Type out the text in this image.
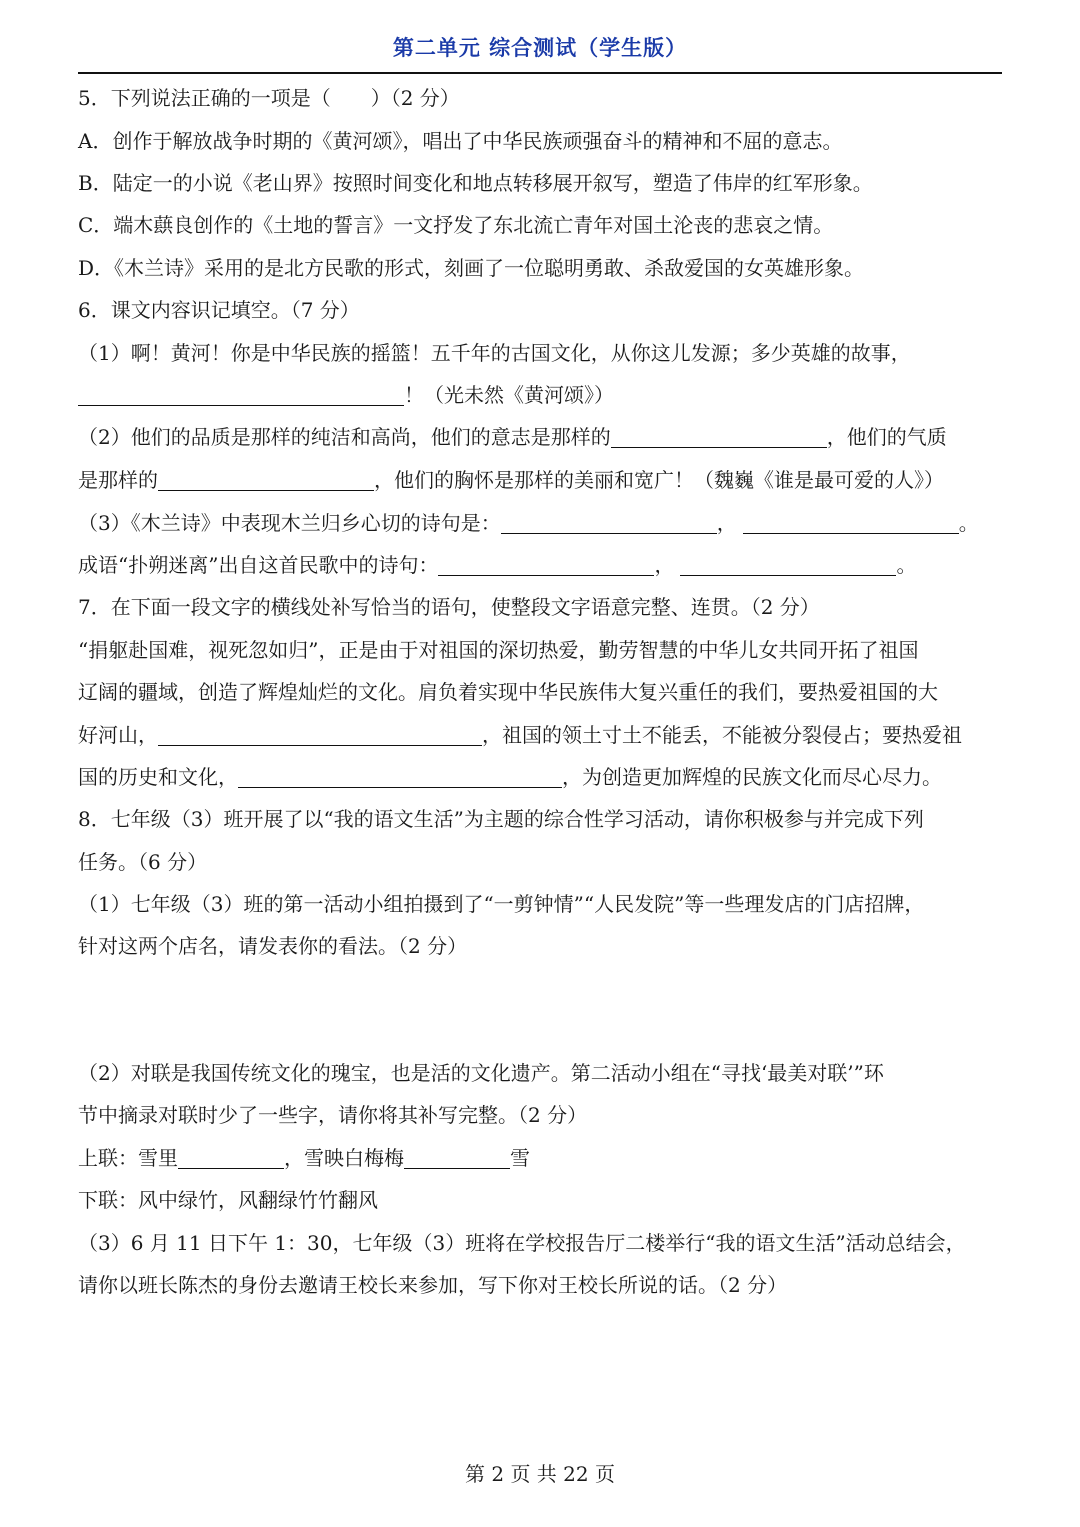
第二单元 综合测试（学生版）
5．下列说法正确的一项是（　　）（2 分）
A．创作于解放战争时期的《黄河颂》，唱出了中华民族顽强奋斗的精神和不屈的意志。
B．陆定一的小说《老山界》按照时间变化和地点转移展开叙写，塑造了伟岸的红军形象。
C．端木蕻良创作的《土地的誓言》一文抒发了东北流亡青年对国土沦丧的悲哀之情。
D．《木兰诗》采用的是北方民歌的形式，刻画了一位聪明勇敢、杀敌爱国的女英雄形象。
6．课文内容识记填空。（7 分）
（1）啊！黄河！你是中华民族的摇篮！五千年的古国文化，从你这儿发源；多少英雄的故事，
！（光未然《黄河颂》）
（2）他们的品质是那样的纯洁和高尚，他们的意志是那样的	，他们的气质
是那样的	，他们的胸怀是那样的美丽和宽广！（魏巍《谁是最可爱的人》）
（3）《木兰诗》中表现木兰归乡心切的诗句是：	，	。
成语“扑朔迷离”出自这首民歌中的诗句：	，	。
7．在下面一段文字的横线处补写恰当的语句，使整段文字语意完整、连贯。（2 分）
“捐躯赴国难，视死忽如归”，正是由于对祖国的深切热爱，勤劳智慧的中华儿女共同开拓了祖国
辽阔的疆域，创造了辉煌灿烂的文化。肩负着实现中华民族伟大复兴重任的我们，要热爱祖国的大
好河山，	，祖国的领土寸土不能丢，不能被分裂侵占；要热爱祖
国的历史和文化，	，为创造更加辉煌的民族文化而尽心尽力。
8．七年级（3）班开展了以“我的语文生活”为主题的综合性学习活动，请你积极参与并完成下列
任务。（6 分）
（1）七年级（3）班的第一活动小组拍摄到了“一剪钟情”“人民发院”等一些理发店的门店招牌，
针对这两个店名，请发表你的看法。（2 分）
（2）对联是我国传统文化的瑰宝，也是活的文化遗产。第二活动小组在“寻找‘最美对联’”环
节中摘录对联时少了一些字，请你将其补写完整。（2 分）
上联：雪里	，雪映白梅梅	雪
下联：风中绿竹，风翻绿竹竹翻风
（3）6 月 11 日下午 1：30，七年级（3）班将在学校报告厅二楼举行“我的语文生活”活动总结会，
请你以班长陈杰的身份去邀请王校长来参加，写下你对王校长所说的话。（2 分）
第 2 页 共 22 页
